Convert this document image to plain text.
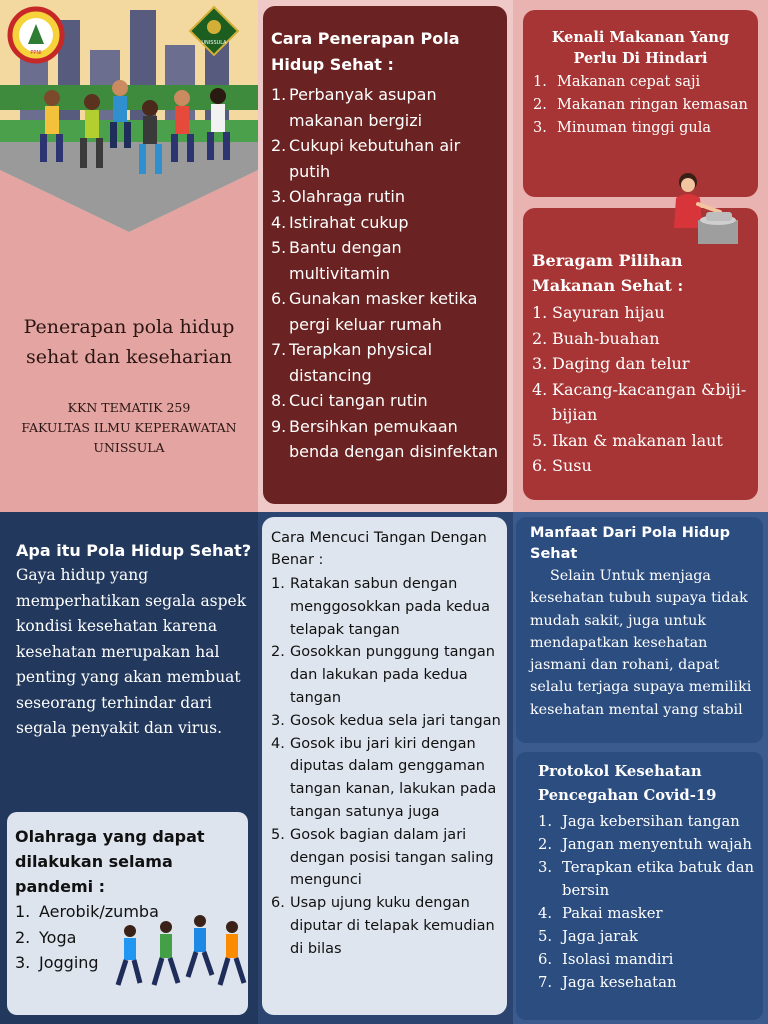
PPNI
UNISSULA
Penerapan pola hidup sehat dan keseharian
KKN TEMATIK 259
FAKULTAS ILMU KEPERAWATAN
UNISSULA
Cara Penerapan Pola Hidup Sehat :
1. Perbanyak asupan makanan bergizi
2. Cukupi kebutuhan air putih
3. Olahraga rutin
4. Istirahat cukup
5. Bantu dengan multivitamin
6. Gunakan masker ketika pergi keluar rumah
7. Terapkan physical distancing
8. Cuci tangan rutin
9. Bersihkan pemukaan benda dengan disinfektan
Kenali Makanan Yang Perlu Di Hindari
1. Makanan cepat saji
2. Makanan ringan kemasan
3. Minuman tinggi gula
Beragam Pilihan Makanan Sehat :
1. Sayuran hijau
2. Buah-buahan
3. Daging dan telur
4. Kacang-kacangan &biji-bijian
5. Ikan & makanan laut
6. Susu
Apa itu Pola Hidup Sehat?

Gaya hidup yang memperhatikan segala aspek kondisi kesehatan karena kesehatan merupakan hal penting yang akan membuat seseorang terhindar dari segala penyakit dan virus.

Olahraga yang dapat dilakukan selama pandemi :
1. Aerobik/zumba
2. Yoga
3. Jogging
Cara Mencuci Tangan Dengan Benar :
1. Ratakan sabun dengan menggosokkan pada kedua telapak tangan
2. Gosokkan punggung tangan dan lakukan pada kedua tangan
3. Gosok kedua sela jari tangan
4. Gosok ibu jari kiri dengan diputas dalam genggaman tangan kanan, lakukan pada tangan satunya juga
5. Gosok bagian dalam jari dengan posisi tangan saling mengunci
6. Usap ujung kuku dengan diputar di telapak kemudian di bilas
Manfaat Dari Pola Hidup Sehat

Selain Untuk menjaga kesehatan tubuh supaya tidak mudah sakit, juga untuk mendapatkan kesehatan jasmani dan rohani, dapat selalu terjaga supaya memiliki kesehatan mental yang stabil

Protokol Kesehatan Pencegahan Covid-19
1. Jaga kebersihan tangan
2. Jangan menyentuh wajah
3. Terapkan etika batuk dan bersin
4. Pakai masker
5. Jaga jarak
6. Isolasi mandiri
7. Jaga kesehatan
